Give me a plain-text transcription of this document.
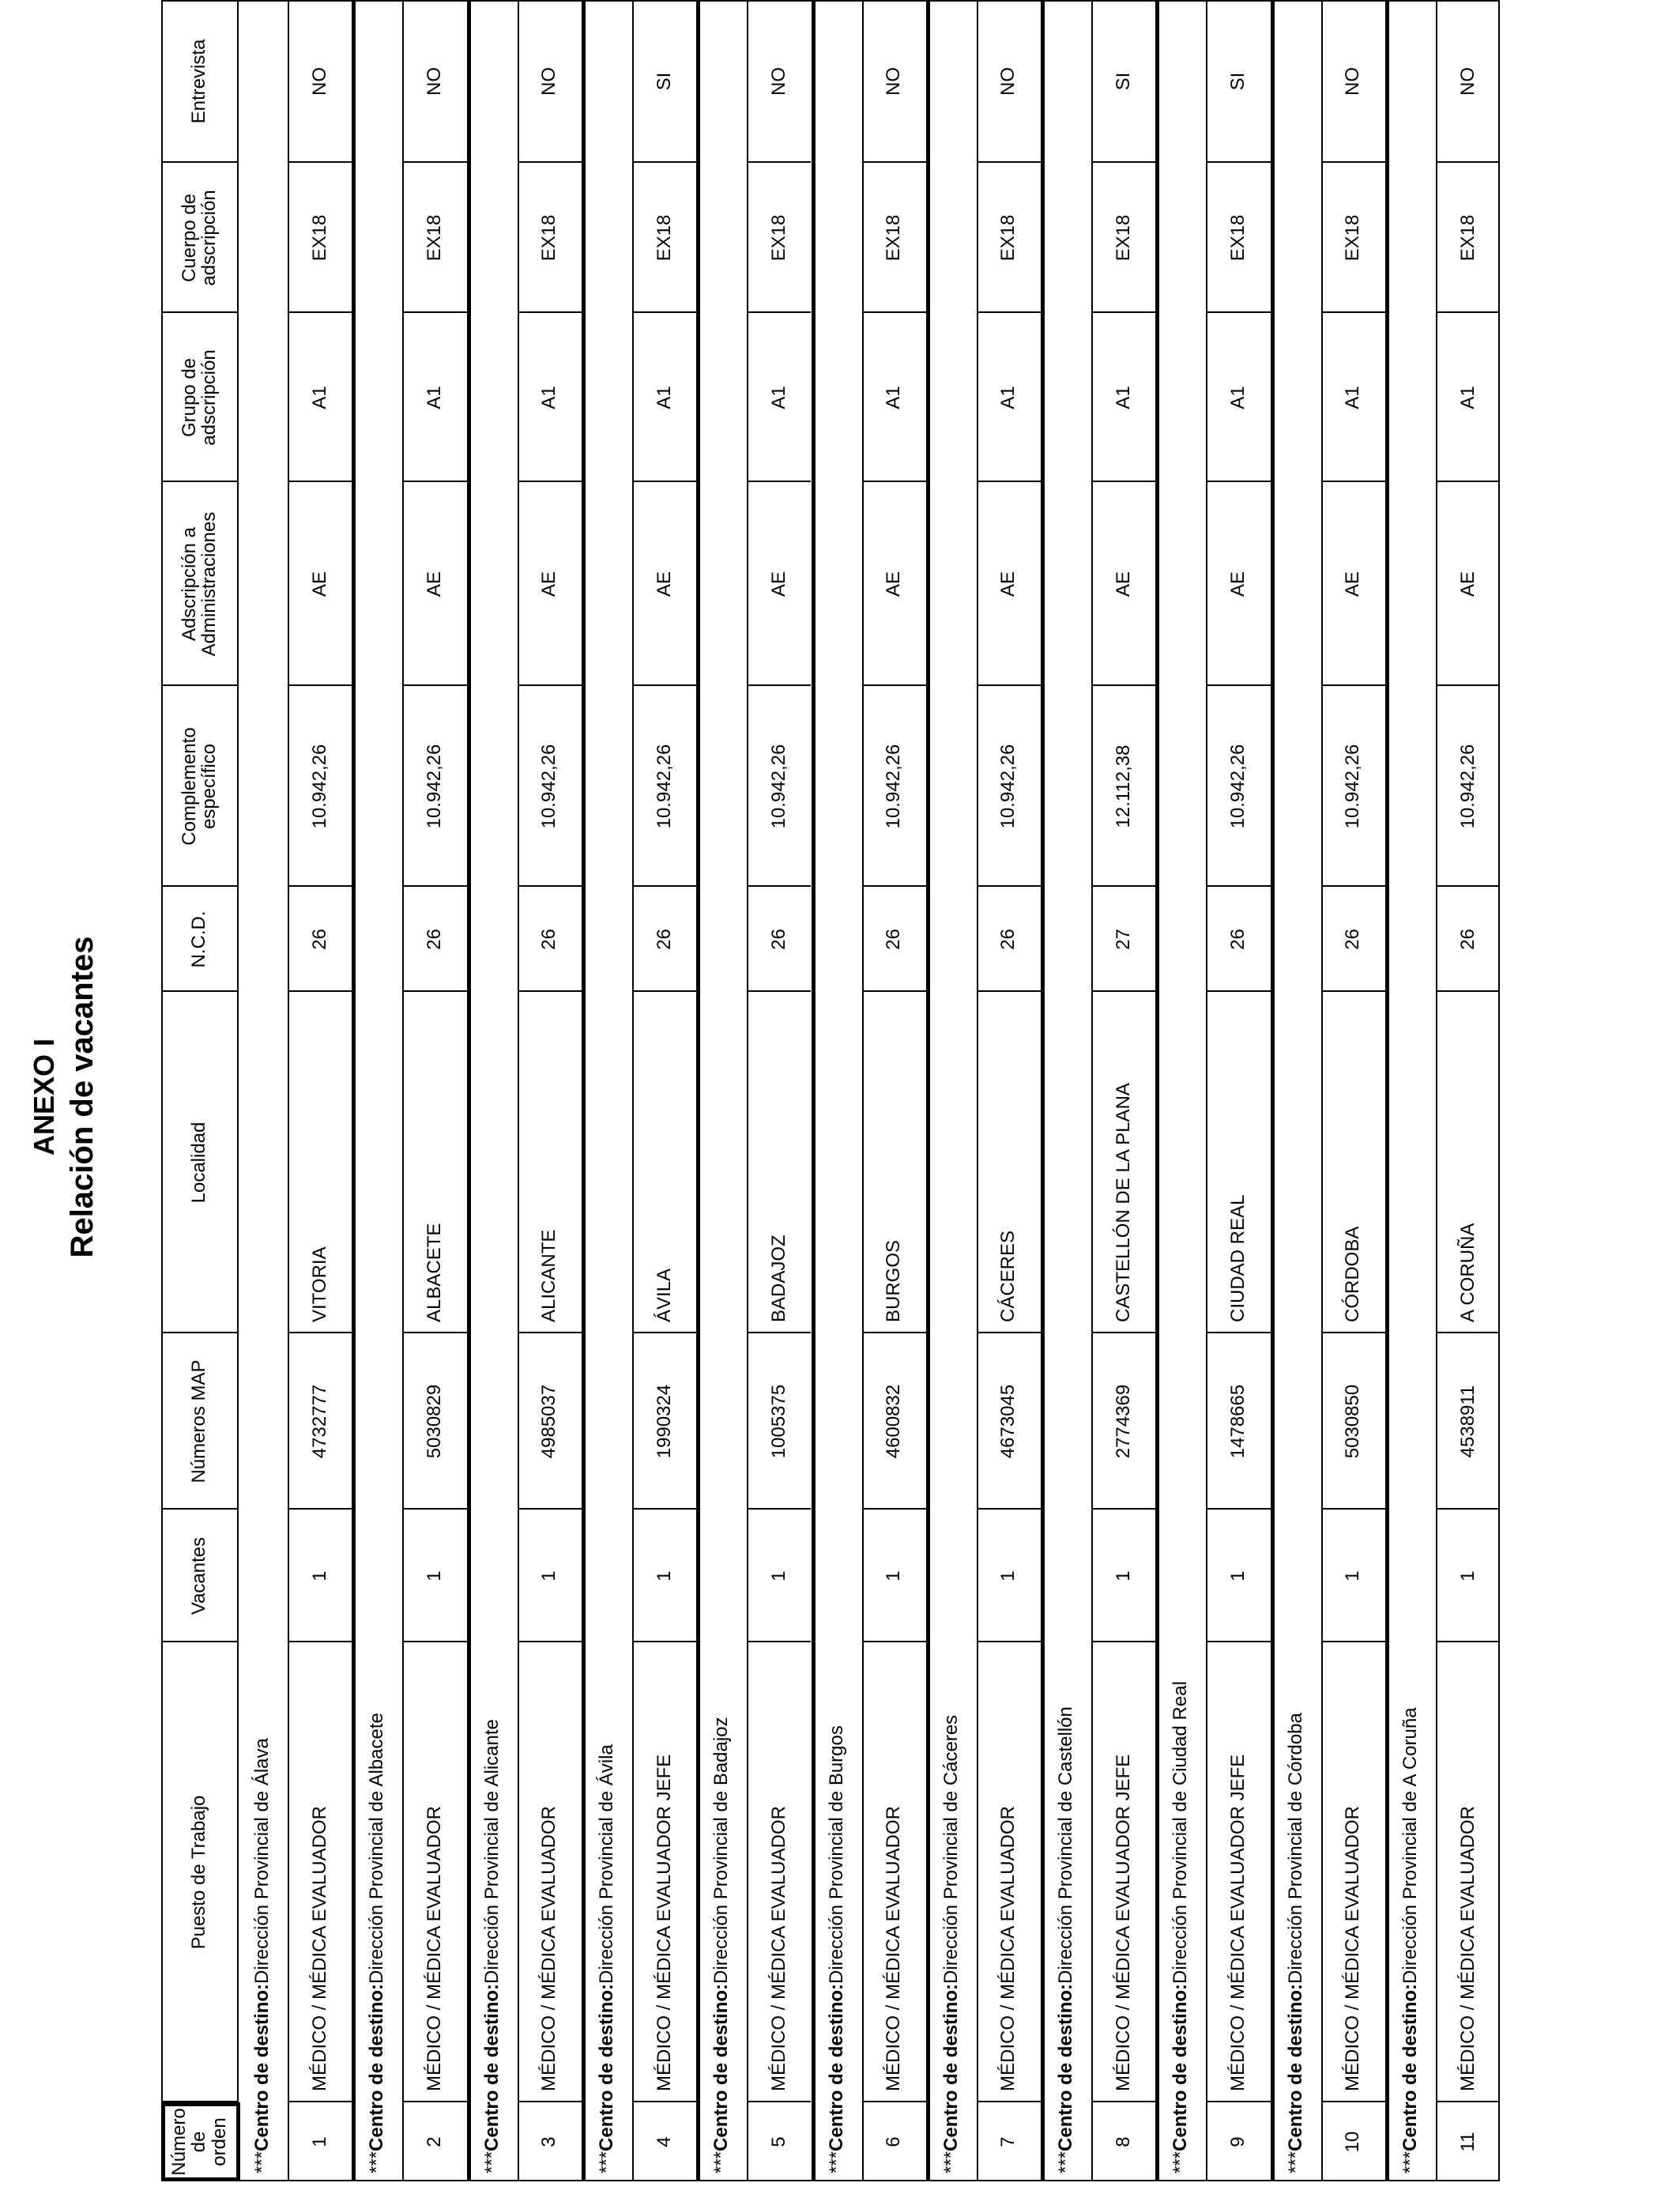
ANEXO I Relación de vacantes
Número
de
orden
Puesto de Trabajo
Vacantes
Números MAP
Localidad
N.C.D.
Complemento
específico
Adscripción a
Administraciones
Grupo de
adscripción
Cuerpo de
adscripción
Entrevista
***
Centro de destino:
Dirección Provincial de Álava
1
MÉDICO / MÉDICA EVALUADOR
1
4732777
VITORIA
26
10.942,26
AE
A1
EX18
NO
***
Centro de destino:
Dirección Provincial de Albacete
2
MÉDICO / MÉDICA EVALUADOR
1
5030829
ALBACETE
26
10.942,26
AE
A1
EX18
NO
***
Centro de destino:
Dirección Provincial de Alicante
3
MÉDICO / MÉDICA EVALUADOR
1
4985037
ALICANTE
26
10.942,26
AE
A1
EX18
NO
***
Centro de destino:
Dirección Provincial de Ávila
4
MÉDICO / MÉDICA EVALUADOR JEFE
1
1990324
ÁVILA
26
10.942,26
AE
A1
EX18
SI
***
Centro de destino:
Dirección Provincial de Badajoz
5
MÉDICO / MÉDICA EVALUADOR
1
1005375
BADAJOZ
26
10.942,26
AE
A1
EX18
NO
***
Centro de destino:
Dirección Provincial de Burgos
6
MÉDICO / MÉDICA EVALUADOR
1
4600832
BURGOS
26
10.942,26
AE
A1
EX18
NO
***
Centro de destino:
Dirección Provincial de Cáceres
7
MÉDICO / MÉDICA EVALUADOR
1
4673045
CÁCERES
26
10.942,26
AE
A1
EX18
NO
***
Centro de destino:
Dirección Provincial de Castellón
8
MÉDICO / MÉDICA EVALUADOR JEFE
1
2774369
CASTELLÓN DE LA PLANA
27
12.112,38
AE
A1
EX18
SI
***
Centro de destino:
Dirección Provincial de Ciudad Real
9
MÉDICO / MÉDICA EVALUADOR JEFE
1
1478665
CIUDAD REAL
26
10.942,26
AE
A1
EX18
SI
***
Centro de destino:
Dirección Provincial de Córdoba
10
MÉDICO / MÉDICA EVALUADOR
1
5030850
CÓRDOBA
26
10.942,26
AE
A1
EX18
NO
***
Centro de destino:
Dirección Provincial de A Coruña
11
MÉDICO / MÉDICA EVALUADOR
1
4538911
A CORUÑA
26
10.942,26
AE
A1
EX18
NO
